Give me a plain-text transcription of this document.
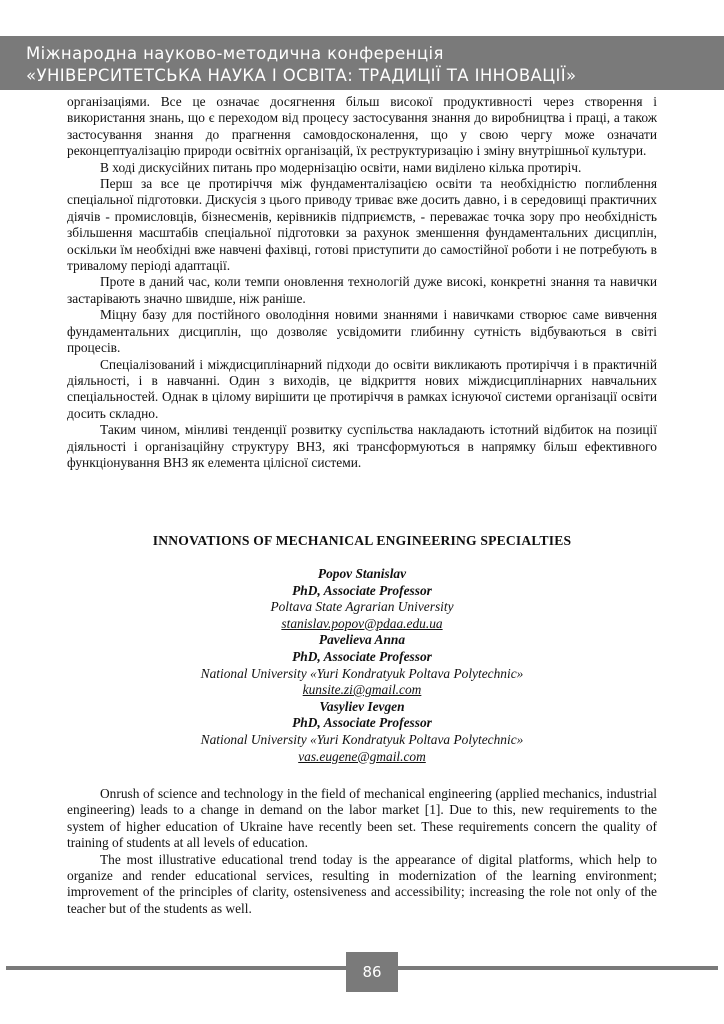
Міжнародна науково-методична конференція
«УНІВЕРСИТЕТСЬКА НАУКА І ОСВІТА: ТРАДИЦІЇ ТА ІННОВАЦІЇ»

організаціями. Все це означає досягнення більш високої продуктивності через створення і використання знань, що є переходом від процесу застосування знання до виробництва і праці, а також застосування знання до прагнення самовдосконалення, що у свою чергу може означати реконцептуалізацію природи освітніх організацій, їх реструктуризацію і зміну внутрішньої культури.

В ході дискусійних питань про модернізацію освіти, нами виділено кілька протиріч.

Перш за все це протиріччя між фундаменталізацією освіти та необхідністю поглиблення спеціальної підготовки. Дискусія з цього приводу триває вже досить давно, і в середовищі практичних діячів - промисловців, бізнесменів, керівників підприємств, - переважає точка зору про необхідність збільшення масштабів спеціальної підготовки за рахунок зменшення фундаментальних дисциплін, оскільки їм необхідні вже навчені фахівці, готові приступити до самостійної роботи і не потребують в тривалому періоді адаптації.

Проте в даний час, коли темпи оновлення технологій дуже високі, конкретні знання та навички застарівають значно швидше, ніж раніше.

Міцну базу для постійного оволодіння новими знаннями і навичками створює саме вивчення фундаментальних дисциплін, що дозволяє усвідомити глибинну сутність відбуваються в світі процесів.

Спеціалізований і міждисциплінарний підходи до освіти викликають протиріччя і в практичній діяльності, і в навчанні. Один з виходів, це відкриття нових міждисциплінарних навчальних спеціальностей. Однак в цілому вирішити це протиріччя в рамках існуючої системи організації освіти досить складно.

Таким чином, мінливі тенденції розвитку суспільства накладають істотний відбиток на позиції діяльності і організаційну структуру ВНЗ, які трансформуються в напрямку більш ефективного функціонування ВНЗ як елемента цілісної системи.

INNOVATIONS OF MECHANICAL ENGINEERING SPECIALTIES
Popov Stanislav
PhD, Associate Professor
Poltava State Agrarian University
stanislav.popov@pdaa.edu.ua
Pavelieva Anna
PhD, Associate Professor
National University «Yuri Kondratyuk Poltava Polytechnic»
kunsite.zi@gmail.com
Vasyliev Ievgen
PhD, Associate Professor
National University «Yuri Kondratyuk Poltava Polytechnic»
vas.eugene@gmail.com

Onrush of science and technology in the field of mechanical engineering (applied mechanics, industrial engineering) leads to a change in demand on the labor market [1]. Due to this, new requirements to the system of higher education of Ukraine have recently been set. These requirements concern the quality of training of students at all levels of education.

The most illustrative educational trend today is the appearance of digital platforms, which help to organize and render educational services, resulting in modernization of the learning environment; improvement of the principles of clarity, ostensiveness and accessibility; increasing the role not only of the teacher but of the students as well.

86
